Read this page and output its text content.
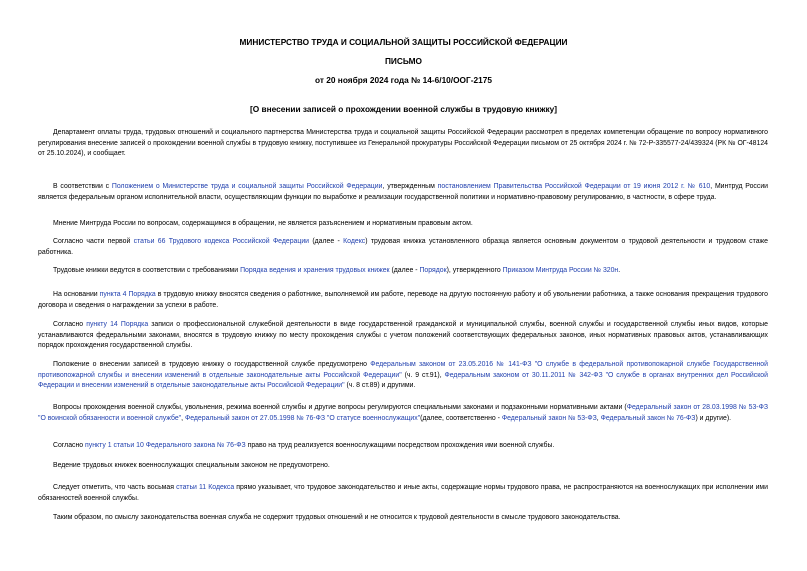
МИНИСТЕРСТВО ТРУДА И СОЦИАЛЬНОЙ ЗАЩИТЫ РОССИЙСКОЙ ФЕДЕРАЦИИ
ПИСЬМО
от 20 ноября 2024 года № 14-6/10/ООГ-2175
[О внесении записей о прохождении военной службы в трудовую книжку]

Департамент оплаты труда, трудовых отношений и социального партнерства Министерства труда и социальной защиты Российской Федерации рассмотрел в пределах компетенции обращение по вопросу нормативного регулирования внесение записей о прохождении военной службы в трудовую книжку, поступившее из Генеральной прокуратуры Российской Федерации письмом от 25 октября 2024 г. № 72-Р-335577-24/439324 (РК № ОГ-48124 от 25.10.2024), и сообщает.

В соответствии с Положением о Министерстве труда и социальной защиты Российской Федерации, утвержденным постановлением Правительства Российской Федерации от 19 июня 2012 г. № 610, Минтруд России является федеральным органом исполнительной власти, осуществляющим функции по выработке и реализации государственной политики и нормативно-правовому регулированию, в частности, в сфере труда.

Мнение Минтруда России по вопросам, содержащимся в обращении, не является разъяснением и нормативным правовым актом.

Согласно части первой статьи 66 Трудового кодекса Российской Федерации (далее - Кодекс) трудовая книжка установленного образца является основным документом о трудовой деятельности и трудовом стаже работника.

Трудовые книжки ведутся в соответствии с требованиями Порядка ведения и хранения трудовых книжек (далее - Порядок), утвержденного Приказом Минтруда России № 320н.

На основании пункта 4 Порядка в трудовую книжку вносятся сведения о работнике, выполняемой им работе, переводе на другую постоянную работу и об увольнении работника, а также основания прекращения трудового договора и сведения о награждении за успехи в работе.

Согласно пункту 14 Порядка записи о профессиональной служебной деятельности в виде государственной гражданской и муниципальной службы, военной службы и государственной службы иных видов, которые устанавливаются федеральными законами, вносятся в трудовую книжку по месту прохождения службы с учетом положений соответствующих федеральных законов, иных нормативных правовых актов, устанавливающих порядок прохождения государственной службы.

Положение о внесении записей в трудовую книжку о государственной службе предусмотрено Федеральным законом от 23.05.2016 № 141-ФЗ "О службе в федеральной противопожарной службе Государственной противопожарной службы и внесении изменений в отдельные законодательные акты Российской Федерации" (ч. 9 ст.91), Федеральным законом от 30.11.2011 № 342-ФЗ "О службе в органах внутренних дел Российской Федерации и внесении изменений в отдельные законодательные акты Российской Федерации" (ч. 8 ст.89) и другими.

Вопросы прохождения военной службы, увольнения, режима военной службы и другие вопросы регулируются специальными законами и подзаконными нормативными актами (Федеральный закон от 28.03.1998 № 53-ФЗ "О воинской обязанности и военной службе", Федеральный закон от 27.05.1998 № 76-ФЗ "О статусе военнослужащих"(далее, соответственно - Федеральный закон № 53-ФЗ, Федеральный закон № 76-ФЗ) и другие).

Согласно пункту 1 статьи 10 Федерального закона № 76-ФЗ право на труд реализуется военнослужащими посредством прохождения ими военной службы.

Ведение трудовых книжек военнослужащих специальным законом не предусмотрено.

Следует отметить, что часть восьмая статьи 11 Кодекса прямо указывает, что трудовое законодательство и иные акты, содержащие нормы трудового права, не распространяются на военнослужащих при исполнении ими обязанностей военной службы.

Таким образом, по смыслу законодательства военная служба не содержит трудовых отношений и не относится к трудовой деятельности в смысле трудового законодательства.
